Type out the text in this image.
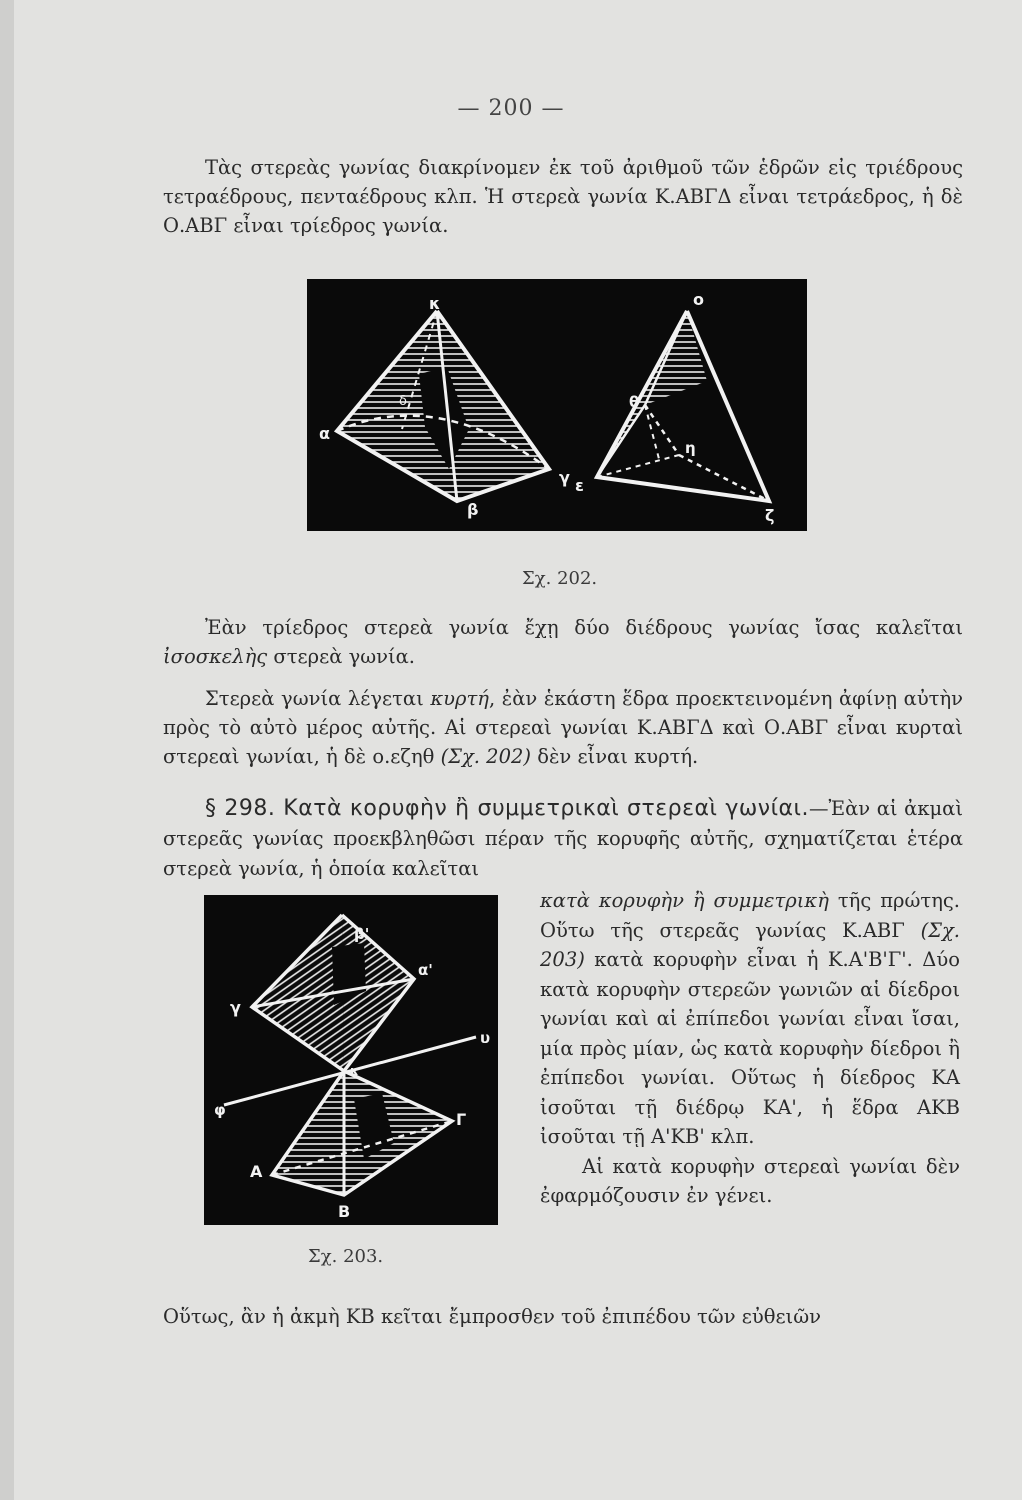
— 200 —

Τὰς στερεὰς γωνίας διακρίνομεν ἐκ τοῦ ἀριθμοῦ τῶν ἑδρῶν εἰς τριέδρους τετραέδρους, πενταέδρους κλπ. Ἡ στερεὰ γωνία Κ.ΑΒΓΔ εἶναι τετράεδρος, ἡ δὲ Ο.ΑΒΓ εἶναι τρίεδρος γωνία.

κ
α
β
γ
δ
ο
θ
η
ε
ζ
Σχ. 202.

Ἐὰν τρίεδρος στερεὰ γωνία ἔχῃ δύο διέδρους γωνίας ἴσας καλεῖται ἰσοσκελὴς στερεὰ γωνία.

Στερεὰ γωνία λέγεται κυρτή, ἐὰν ἑκάστη ἕδρα προεκτεινομένη ἀφίνῃ αὐτὴν πρὸς τὸ αὐτὸ μέρος αὐτῆς. Αἱ στερεαὶ γωνίαι Κ.ΑΒΓΔ καὶ Ο.ΑΒΓ εἶναι κυρταὶ στερεαὶ γωνίαι, ἡ δὲ ο.εζηθ (Σχ. 202) δὲν εἶναι κυρτή.

§ 298. Κατὰ κορυφὴν ἢ συμμετρικαὶ στερεαὶ γωνίαι.—Ἐὰν αἱ ἀκμαὶ στερεᾶς γωνίας προεκβληθῶσι πέραν τῆς κορυφῆς αὐτῆς, σχηματίζεται ἑτέρα στερεὰ γωνία, ἡ ὁποία καλεῖται

β'
α'
γ
υ
κ
φ	Γ
Α
Β
Σχ. 203.

κατὰ κορυφὴν ἢ συμμετρικὴ τῆς πρώτης. Οὕτω τῆς στερεᾶς γωνίας Κ.ΑΒΓ (Σχ. 203) κατὰ κορυφὴν εἶναι ἡ Κ.Α'Β'Γ'. Δύο κατὰ κορυφὴν στερεῶν γωνιῶν αἱ δίεδροι γωνίαι καὶ αἱ ἐπίπεδοι γωνίαι εἶναι ἴσαι, μία πρὸς μίαν, ὡς κατὰ κορυφὴν δίεδροι ἢ ἐπίπεδοι γωνίαι. Οὕτως ἡ δίεδρος ΚΑ ἰσοῦται τῇ διέδρῳ ΚΑ', ἡ ἕδρα ΑΚΒ ἰσοῦται τῇ Α'ΚΒ' κλπ.

Αἱ κατὰ κορυφὴν στερεαὶ γωνίαι δὲν ἐφαρμόζουσιν ἐν γένει.

Οὕτως, ἂν ἡ ἀκμὴ ΚΒ κεῖται ἔμπροσθεν τοῦ ἐπιπέδου τῶν εὐθειῶν
